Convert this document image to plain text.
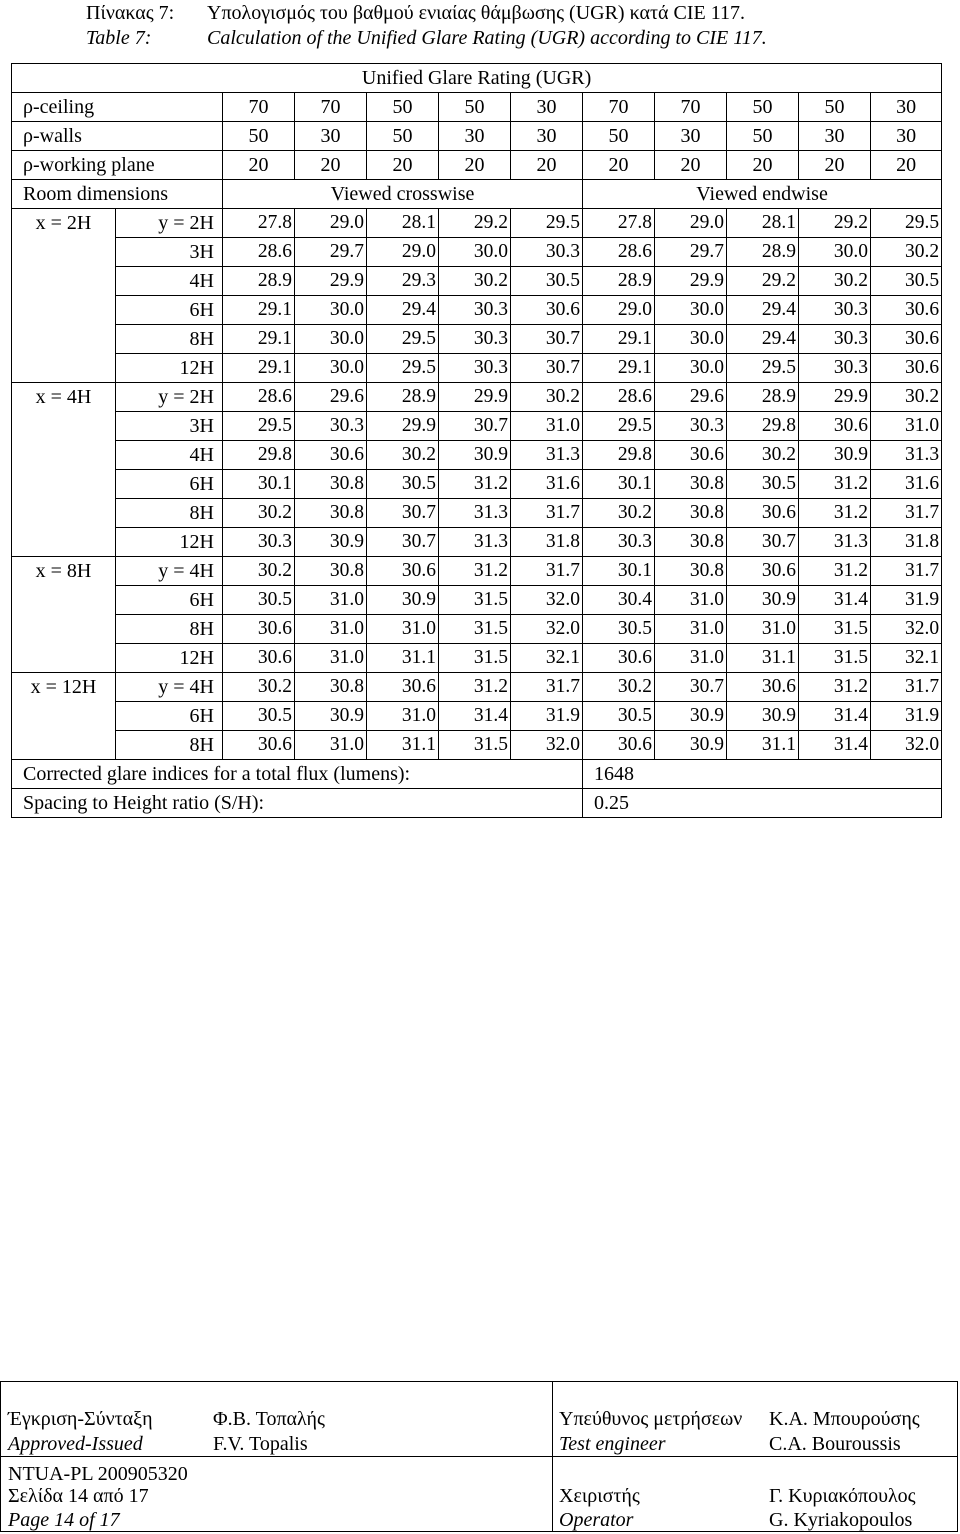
Πίνακας 7: Υπολογισμός του βαθμού ενιαίας θάμβωσης (UGR) κατά CIE 117.
Table 7:	Calculation of the Unified Glare Rating (UGR) according to CIE 117.
Unified Glare Rating (UGR)											
ρ-ceiling		70	70	50	50	30	70	70	50	50	30
ρ-walls		50	30	50	30	30	50	30	50	30	30
ρ-working plane		20	20	20	20	20	20	20	20	20	20
Room dimensions		Viewed crosswise					Viewed endwise				
x = 2H	y = 2H	27.8	29.0	28.1	29.2	29.5	27.8	29.0	28.1	29.2	29.5
	3H	28.6	29.7	29.0	30.0	30.3	28.6	29.7	28.9	30.0	30.2
	4H	28.9	29.9	29.3	30.2	30.5	28.9	29.9	29.2	30.2	30.5
	6H	29.1	30.0	29.4	30.3	30.6	29.0	30.0	29.4	30.3	30.6
	8H	29.1	30.0	29.5	30.3	30.7	29.1	30.0	29.4	30.3	30.6
	12H	29.1	30.0	29.5	30.3	30.7	29.1	30.0	29.5	30.3	30.6
x = 4H	y = 2H	28.6	29.6	28.9	29.9	30.2	28.6	29.6	28.9	29.9	30.2
	3H	29.5	30.3	29.9	30.7	31.0	29.5	30.3	29.8	30.6	31.0
	4H	29.8	30.6	30.2	30.9	31.3	29.8	30.6	30.2	30.9	31.3
	6H	30.1	30.8	30.5	31.2	31.6	30.1	30.8	30.5	31.2	31.6
	8H	30.2	30.8	30.7	31.3	31.7	30.2	30.8	30.6	31.2	31.7
	12H	30.3	30.9	30.7	31.3	31.8	30.3	30.8	30.7	31.3	31.8
x = 8H	y = 4H	30.2	30.8	30.6	31.2	31.7	30.1	30.8	30.6	31.2	31.7
	6H	30.5	31.0	30.9	31.5	32.0	30.4	31.0	30.9	31.4	31.9
	8H	30.6	31.0	31.0	31.5	32.0	30.5	31.0	31.0	31.5	32.0
	12H	30.6	31.0	31.1	31.5	32.1	30.6	31.0	31.1	31.5	32.1
x = 12H	y = 4H	30.2	30.8	30.6	31.2	31.7	30.2	30.7	30.6	31.2	31.7
	6H	30.5	30.9	31.0	31.4	31.9	30.5	30.9	30.9	31.4	31.9
	8H	30.6	31.0	31.1	31.5	32.0	30.6	30.9	31.1	31.4	32.0
Corrected glare indices for a total flux (lumens):							1648				
Spacing to Height ratio (S/H):							0.25				
Έγκριση-Σύνταξη
Approved-Issued
Φ.Β. Τοπαλής
F.V. Topalis
Υπεύθυνος μετρήσεων
Test engineer
Κ.Α. Μπουρούσης
C.A. Bouroussis
NTUA-PL 200905320
Σελίδα 14 από 17
Page 14 of 17
Χειριστής
Operator
Γ. Κυριακόπουλος
G. Kyriakopoulos
